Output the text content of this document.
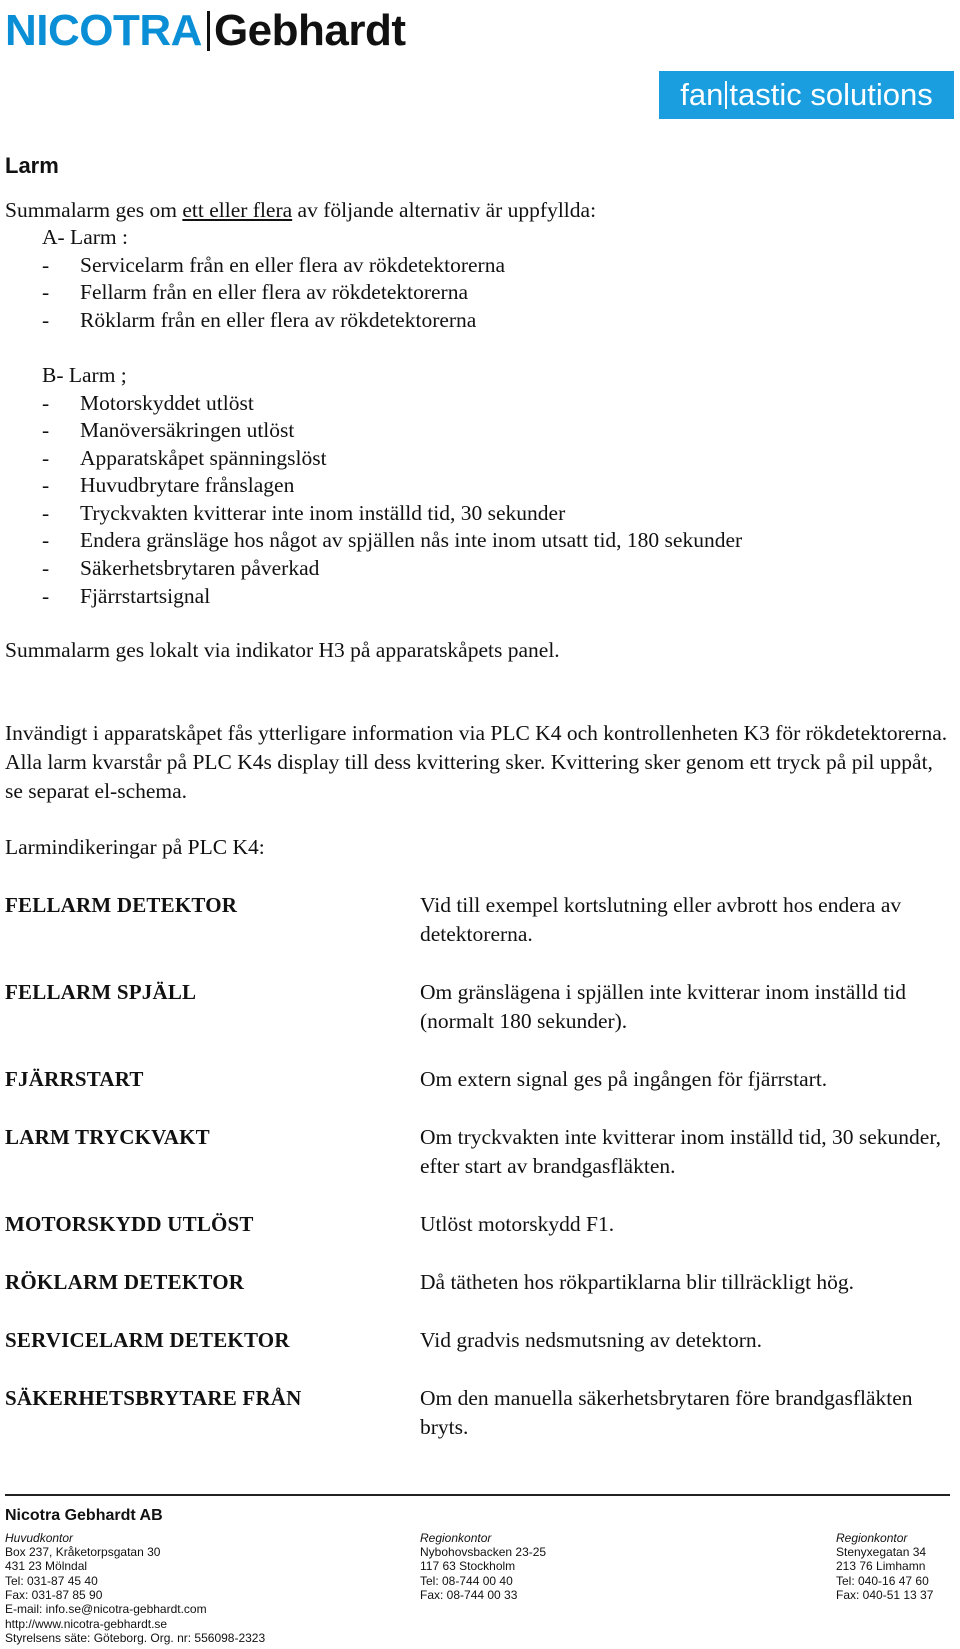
NICOTRA Gebhardt
fan tastic solutions
Larm
Summalarm ges om ett eller flera av följande alternativ är uppfyllda:
A- Larm :
- Servicelarm från en eller flera av rökdetektorerna
- Fellarm från en eller flera av rökdetektorerna
- Röklarm från en eller flera av rökdetektorerna
B- Larm ;
- Motorskyddet utlöst
- Manöversäkringen utlöst
- Apparatskåpet spänningslöst
- Huvudbrytare frånslagen
- Tryckvakten kvitterar inte inom inställd tid, 30 sekunder
- Endera gränsläge hos något av spjällen nås inte inom utsatt tid, 180 sekunder
- Säkerhetsbrytaren påverkad
- Fjärrstartsignal
Summalarm ges lokalt via indikator H3 på apparatskåpets panel.
Invändigt i apparatskåpet fås ytterligare information via PLC K4 och kontrollenheten K3 för rökdetektorerna. Alla larm kvarstår på PLC K4s display till dess kvittering sker. Kvittering sker genom ett tryck på pil uppåt, se separat el-schema.
Larmindikeringar på PLC K4:
FELLARM DETEKTOR	Vid till exempel kortslutning eller avbrott hos endera av detektorerna.
FELLARM SPJÄLL	Om gränslägena i spjällen inte kvitterar inom inställd tid (normalt 180 sekunder).
FJÄRRSTART	Om extern signal ges på ingången för fjärrstart.
LARM TRYCKVAKT	Om tryckvakten inte kvitterar inom inställd tid, 30 sekunder, efter start av brandgasfläkten.
MOTORSKYDD UTLÖST	Utlöst motorskydd F1.
RÖKLARM DETEKTOR	Då tätheten hos rökpartiklarna blir tillräckligt hög.
SERVICELARM DETEKTOR	Vid gradvis nedsmutsning av detektorn.
SÄKERHETSBRYTARE FRÅN	Om den manuella säkerhetsbrytaren före brandgasfläkten bryts.
Nicotra Gebhardt AB
Huvudkontor
Box 237, Kråketorpsgatan 30
431 23 Mölndal
Tel: 031-87 45 40
Fax: 031-87 85 90
E-mail: info.se@nicotra-gebhardt.com
http://www.nicotra-gebhardt.se
Styrelsens säte: Göteborg. Org. nr: 556098-2323
Regionkontor
Nybohovsbacken 23-25
117 63 Stockholm
Tel: 08-744 00 40
Fax: 08-744 00 33
Regionkontor
Stenyxegatan 34
213 76 Limhamn
Tel: 040-16 47 60
Fax: 040-51 13 37
